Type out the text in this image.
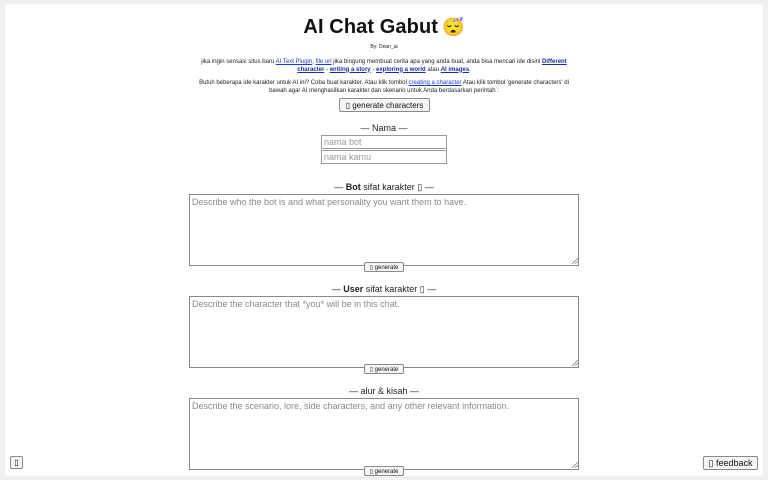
AI Chat Gabut 😴
By: Dean_ai
jika ingin sensasi situs baru AI Text Plugin, file url jika bingung membuat cerita apa yang anda buat, anda bisa mencari ide disini Different character - writing a story - exploring a world atau AI images.
Butuh beberapa ide karakter untuk AI ini? Coba buat karakter. Atau klik tombol creating a character Atau klik tombol 'generate characters' di bawah agar AI menghasilkan karakter dan skenario untuk Anda berdasarkan perintah :
▯ generate characters
— Nama —
nama bot
nama kamu
— Bot sifat karakter ▯ —
Describe who the bot is and what personality you want them to have.
▯ generate
— User sifat karakter ▯ —
Describe the character that *you* will be in this chat.
▯ generate
— alur & kisah —
Describe the scenario, lore, side characters, and any other relevant information.
▯ generate
▯	▯ feedback
